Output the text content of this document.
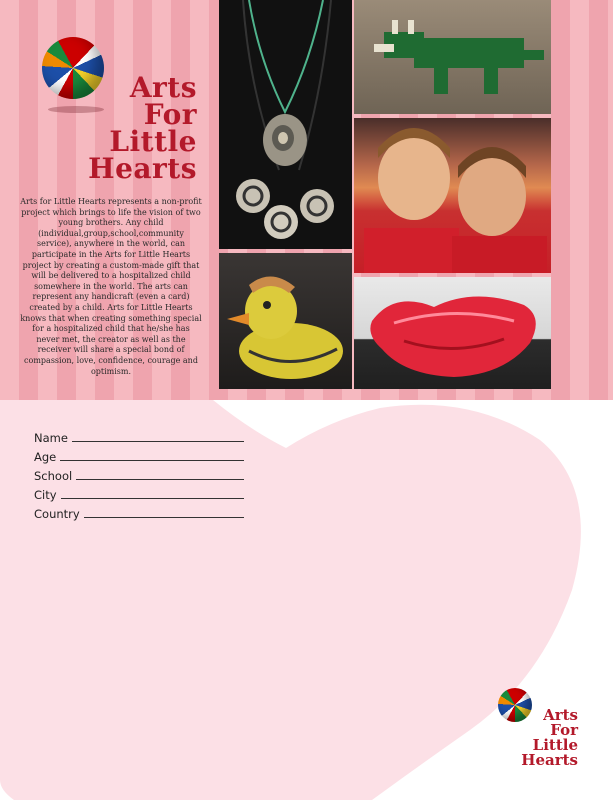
Arts
For
Little
Hearts
Arts for Little Hearts represents a non-profit project which brings to life the vision of two young brothers. Any child (individual,group,school,community service), anywhere in the world, can participate in the Arts for Little Hearts project by creating a custom-made gift that will be delivered to a hospitalized child somewhere in the world. The arts can represent any handicraft (even a card) created by a child. Arts for Little Hearts knows that when creating something special for a hospitalized child that he/she has never met, the creator as well as the receiver will share a special bond of compassion, love, confidence, courage and optimism.
Name
Age
School
City
Country
Arts
For
Little
Hearts
